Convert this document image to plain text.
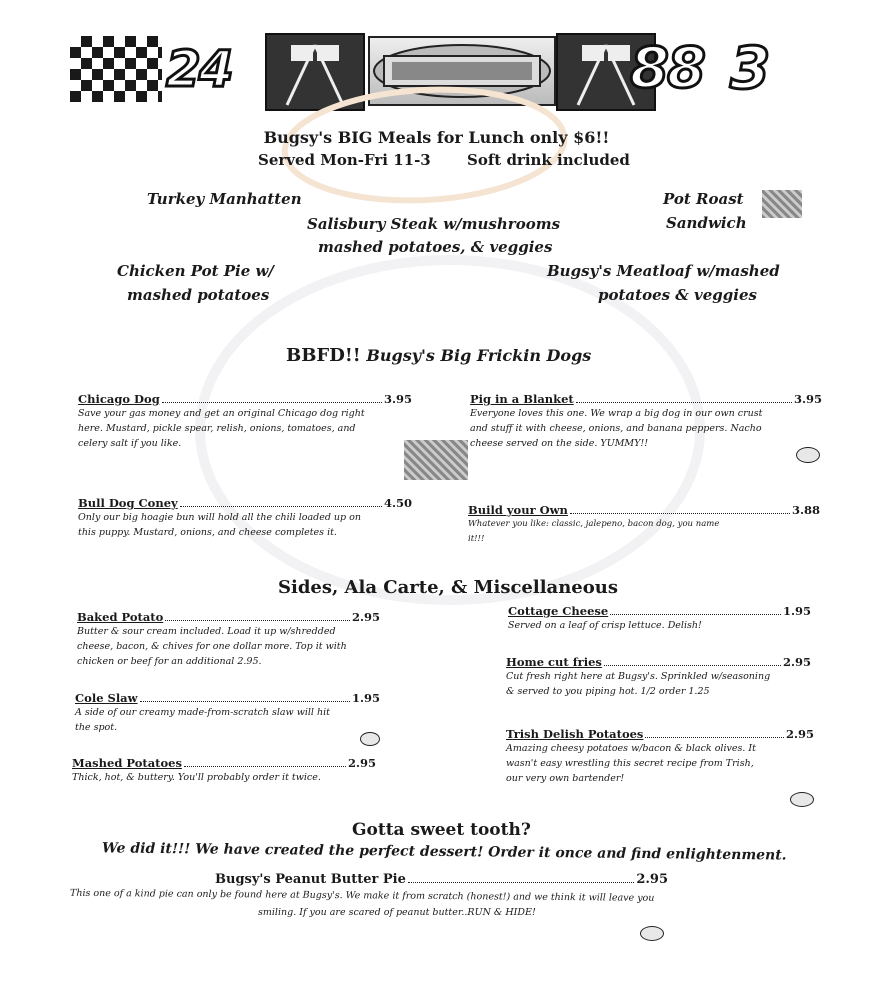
24	88 3
Bugsy's BIG Meals for Lunch only $6!!
Served Mon-Fri 11-3 Soft drink included
Turkey Manhatten	Pot Roast
Sandwich
Salisbury Steak w/mushrooms
mashed potatoes, & veggies
Chicken Pot Pie w/
mashed potatoes
Bugsy's Meatloaf w/mashed
potatoes & veggies
BBFD!! Bugsy's Big Frickin Dogs
Chicago Dog	3.95
Save your gas money and get an original Chicago dog right
here. Mustard, pickle spear, relish, onions, tomatoes, and
celery salt if you like.
Pig in a Blanket	3.95
Everyone loves this one. We wrap a big dog in our own crust
and stuff it with cheese, onions, and banana peppers. Nacho
cheese served on the side. YUMMY!!
Bull Dog Coney	4.50
Only our big hoagie bun will hold all the chili loaded up on
this puppy. Mustard, onions, and cheese completes it.
Build your Own	3.88
Whatever you like: classic, jalepeno, bacon dog, you name
it!!!
Sides, Ala Carte, & Miscellaneous
Baked Potato	2.95
Butter & sour cream included. Load it up w/shredded
cheese, bacon, & chives for one dollar more. Top it with
chicken or beef for an additional 2.95.
Cole Slaw	1.95
A side of our creamy made-from-scratch slaw will hit
the spot.
Mashed Potatoes	2.95
Thick, hot, & buttery. You'll probably order it twice.
Cottage Cheese	1.95
Served on a leaf of crisp lettuce. Delish!
Home cut fries	2.95
Cut fresh right here at Bugsy's. Sprinkled w/seasoning
& served to you piping hot. 1/2 order 1.25
Trish Delish Potatoes	2.95
Amazing cheesy potatoes w/bacon & black olives. It
wasn't easy wrestling this secret recipe from Trish,
our very own bartender!
Gotta sweet tooth?
We did it!!! We have created the perfect dessert! Order it once and find enlightenment.
Bugsy's Peanut Butter Pie	2.95
This one of a kind pie can only be found here at Bugsy's. We make it from scratch (honest!) and we think it will leave you
smiling. If you are scared of peanut butter..RUN & HIDE!
